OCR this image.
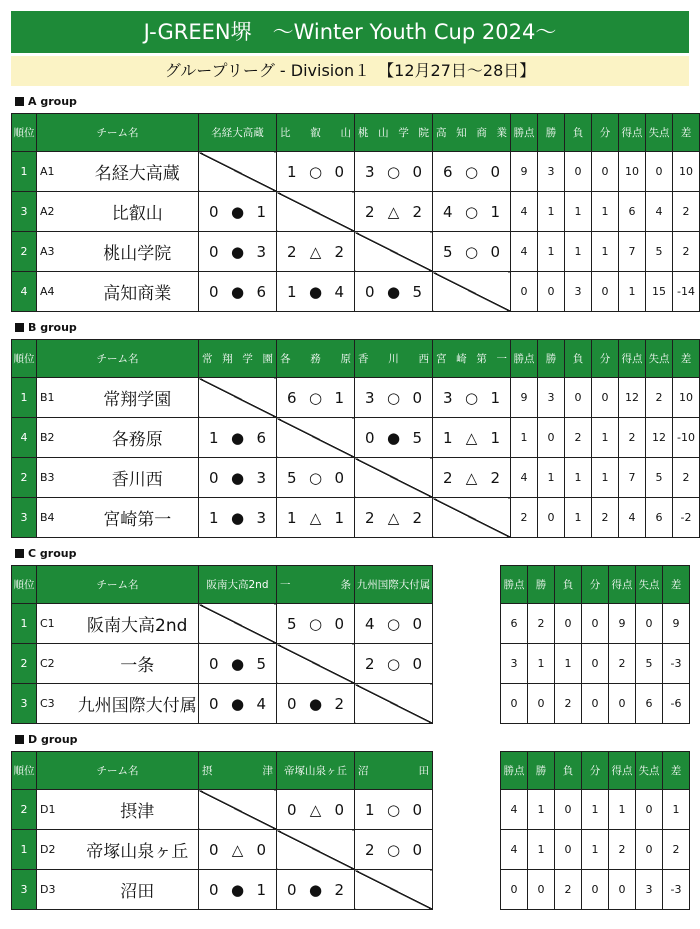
J-GREEN堺　〜Winter Youth Cup 2024〜
グループリーグ - Division１　【12月27日〜28日】
A group
順位	チーム名		名経大高蔵	比 叡 山	桃 山 学 院	高 知 商 業	勝点	勝	負	分	得点	失点	差
1	A1	名経大高蔵		1 ○ 0	3 ○ 0	6 ○ 0	9	3	0	0	10	0	10
3	A2	比叡山	0 ● 1		2 △ 2	4 ○ 1	4	1	1	1	6	4	2
2	A3	桃山学院	0 ● 3	2 △ 2		5 ○ 0	4	1	1	1	7	5	2
4	A4	高知商業	0 ● 6	1 ● 4	0 ● 5		0	0	3	0	1	15	-14
B group
順位	チーム名		常 翔 学 園	各 務 原	香 川 西	宮 崎 第 一	勝点	勝	負	分	得点	失点	差
1	B1	常翔学園		6 ○ 1	3 ○ 0	3 ○ 1	9	3	0	0	12	2	10
4	B2	各務原	1 ● 6		0 ● 5	1 △ 1	1	0	2	1	2	12	-10
2	B3	香川西	0 ● 3	5 ○ 0		2 △ 2	4	1	1	1	7	5	2
3	B4	宮崎第一	1 ● 3	1 △ 1	2 △ 2		2	0	1	2	4	6	-2
C group
順位	チーム名		阪南大高2nd	一 条	九州国際大付属

1	C1	阪南大高2nd		5 ○ 0	4 ○ 0

2	C2	一条	0 ● 5		2 ○ 0

3	C3	九州国際大付属	0 ● 4	0 ● 2	

勝点	勝	負	分	得点	失点	差
6	2	0	0	9	0	9
3	1	1	0	2	5	-3
0	0	2	0	0	6	-6
D group
順位	チーム名		摂 津	帝塚山泉ヶ丘	沼 田

2	D1	摂津		0 △ 0	1 ○ 0

1	D2	帝塚山泉ヶ丘	0 △ 0		2 ○ 0

3	D3	沼田	0 ● 1	0 ● 2	

勝点	勝	負	分	得点	失点	差
4	1	0	1	1	0	1
4	1	0	1	2	0	2
0	0	2	0	0	3	-3
